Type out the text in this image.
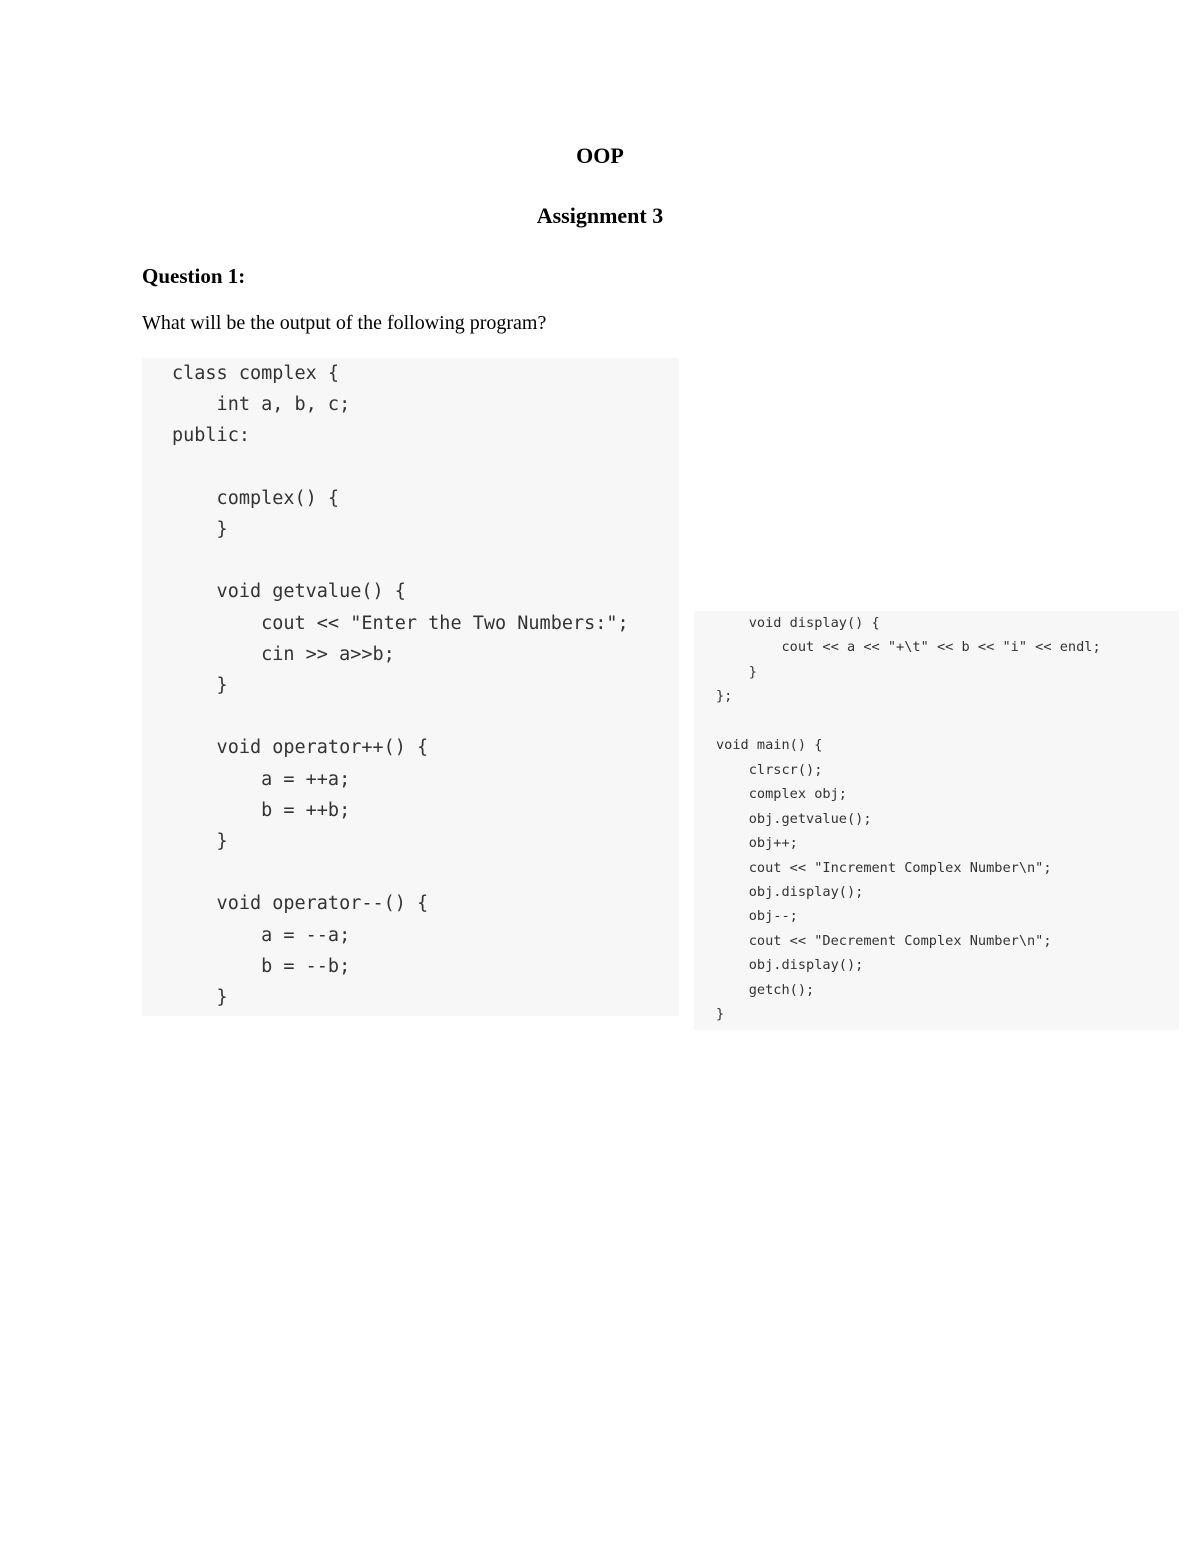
OOP
Assignment 3
Question 1:
What will be the output of the following program?
class complex {
int a, b, c;
public:
complex() {
}
void getvalue() {
cout << "Enter the Two Numbers:";
cin >> a>>b;
}
void operator++() {
a = ++a;
b = ++b;
}
void operator--() {
a = --a;
b = --b;
}
void display() {
cout << a << "+\t" << b << "i" << endl;
}
};
void main() {
clrscr();
complex obj;
obj.getvalue();
obj++;
cout << "Increment Complex Number\n";
obj.display();
obj--;
cout << "Decrement Complex Number\n";
obj.display();
getch();
}
